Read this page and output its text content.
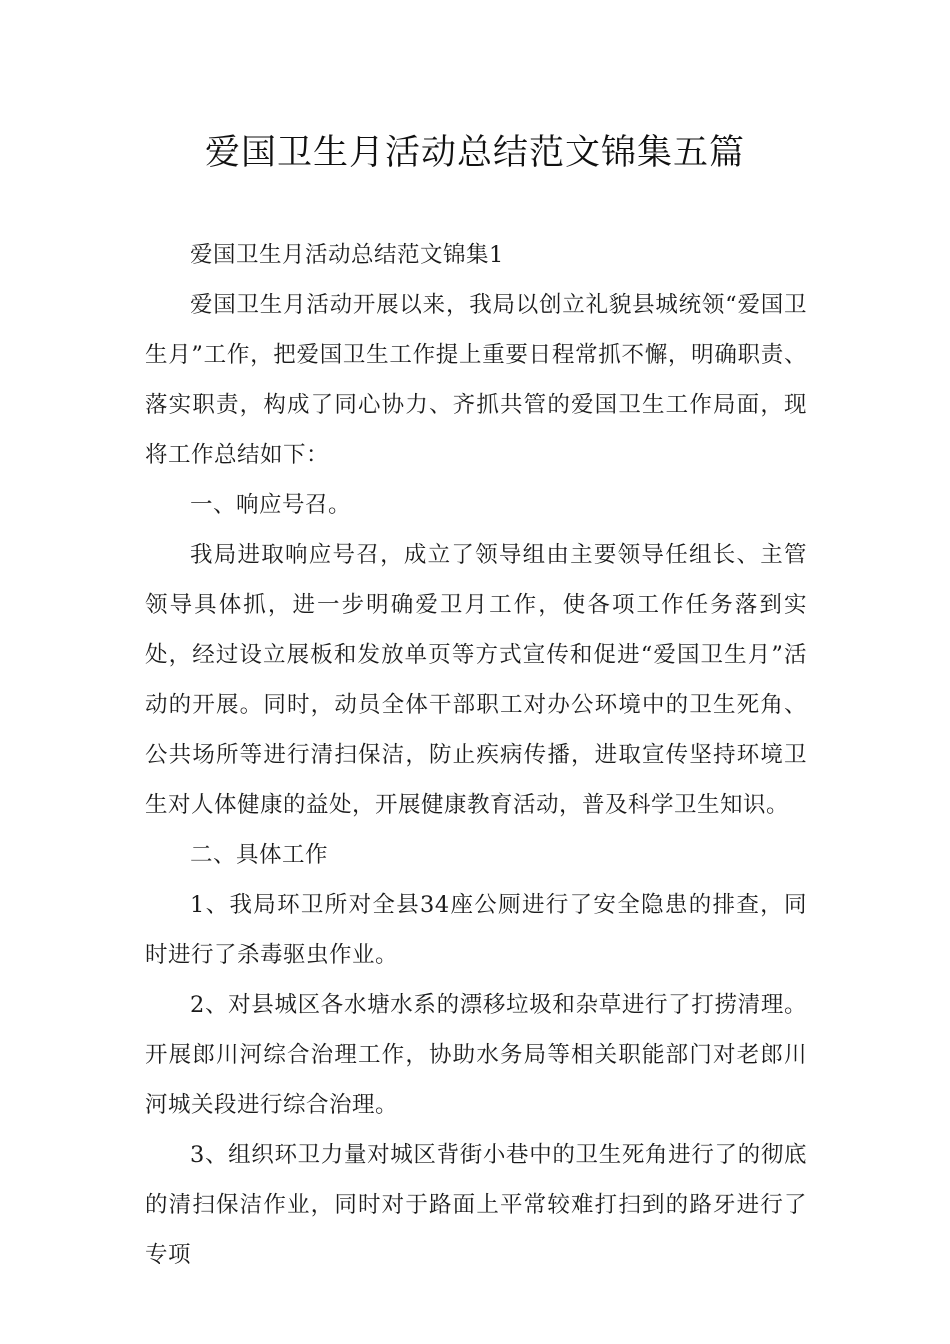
爱国卫生月活动总结范文锦集五篇

爱国卫生月活动总结范文锦集1

爱国卫生月活动开展以来，我局以创立礼貌县城统领“爱国卫生月”工作，把爱国卫生工作提上重要日程常抓不懈，明确职责、落实职责，构成了同心协力、齐抓共管的爱国卫生工作局面，现将工作总结如下：

一、响应号召。

我局进取响应号召，成立了领导组由主要领导任组长、主管领导具体抓，进一步明确爱卫月工作，使各项工作任务落到实处，经过设立展板和发放单页等方式宣传和促进“爱国卫生月”活动的开展。同时，动员全体干部职工对办公环境中的卫生死角、公共场所等进行清扫保洁，防止疾病传播，进取宣传坚持环境卫生对人体健康的益处，开展健康教育活动，普及科学卫生知识。

二、具体工作

1、我局环卫所对全县34座公厕进行了安全隐患的排查，同时进行了杀毒驱虫作业。

2、对县城区各水塘水系的漂移垃圾和杂草进行了打捞清理。开展郎川河综合治理工作，协助水务局等相关职能部门对老郎川河城关段进行综合治理。

3、组织环卫力量对城区背街小巷中的卫生死角进行了的彻底的清扫保洁作业，同时对于路面上平常较难打扫到的路牙进行了专项
